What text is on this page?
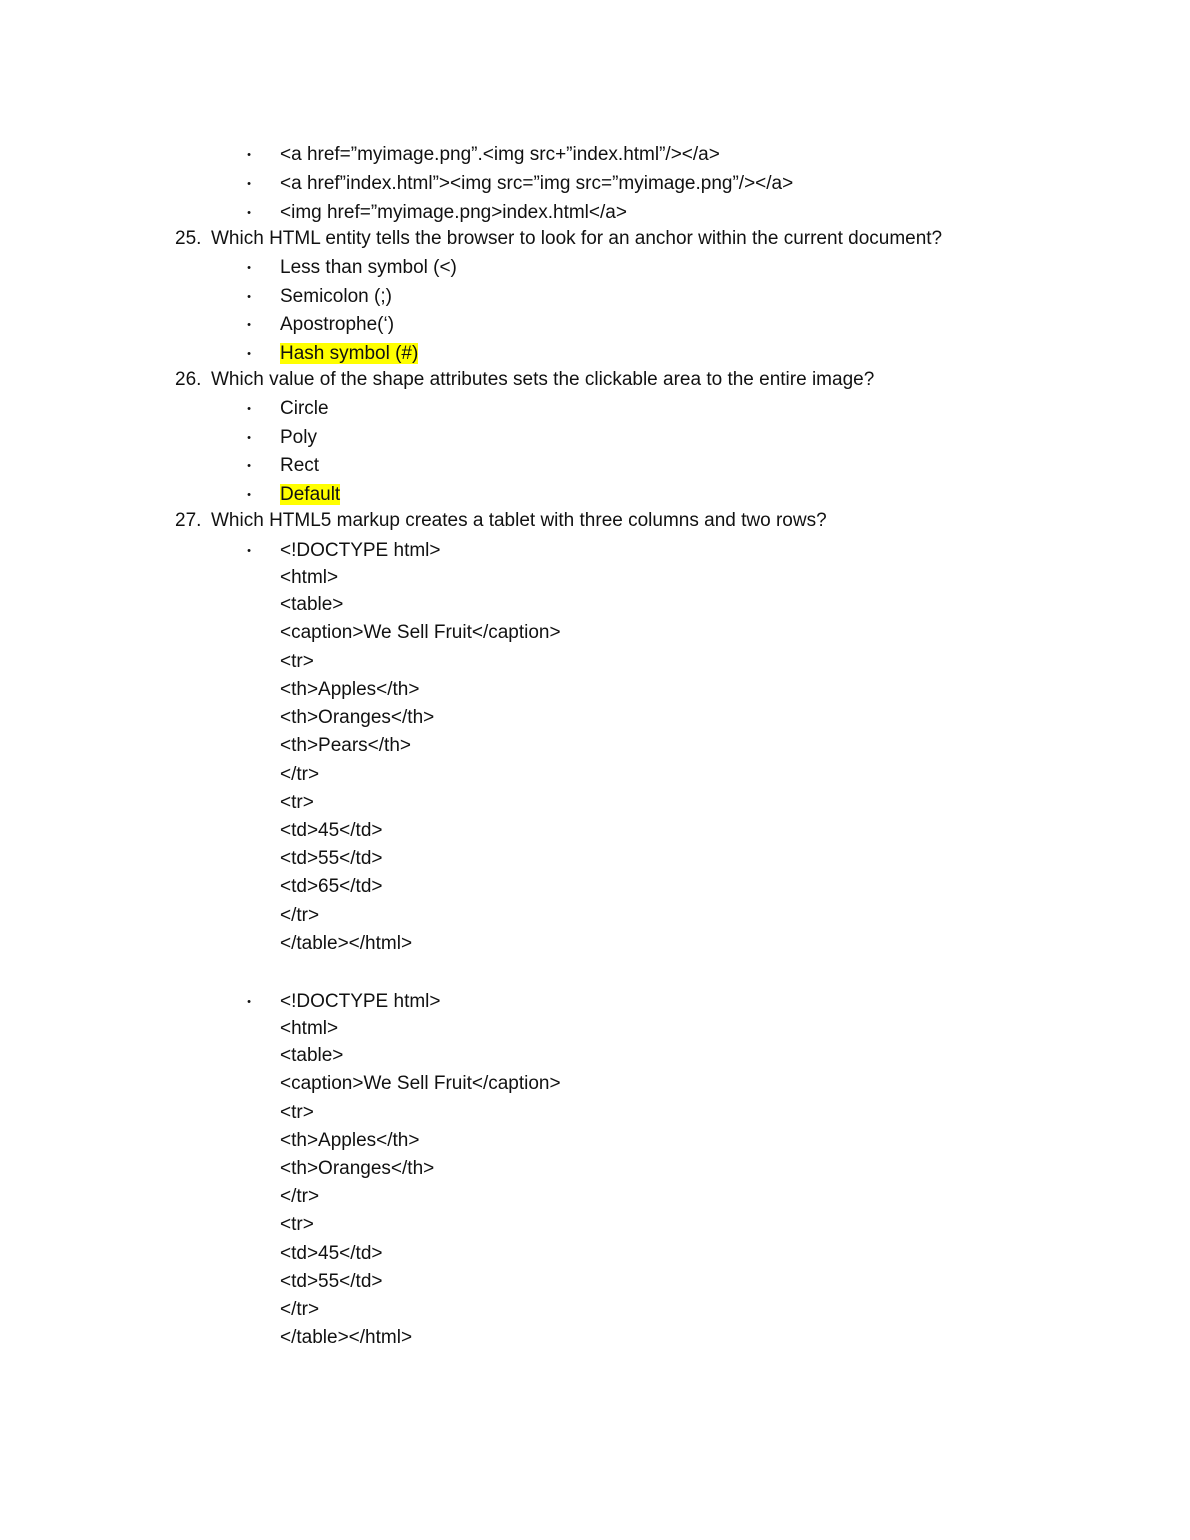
• <a href=”myimage.png”.<img src+”index.html”/></a>
• <a href”index.html”><img src=”img src=”myimage.png”/></a>
• <img href=”myimage.png>index.html</a>
25. Which HTML entity tells the browser to look for an anchor within the current document?
• Less than symbol (<)
• Semicolon (;)
• Apostrophe(‘)
• Hash symbol (#)
26. Which value of the shape attributes sets the clickable area to the entire image?
• Circle
• Poly
• Rect
• Default
27. Which HTML5 markup creates a tablet with three columns and two rows?
• <!DOCTYPE html>
<html>
<table>
<caption>We Sell Fruit</caption>
<tr>
<th>Apples</th>
<th>Oranges</th>
<th>Pears</th>
</tr>
<tr>
<td>45</td>
<td>55</td>
<td>65</td>
</tr>
</table></html>
• <!DOCTYPE html>
<html>
<table>
<caption>We Sell Fruit</caption>
<tr>
<th>Apples</th>
<th>Oranges</th>
</tr>
<tr>
<td>45</td>
<td>55</td>
</tr>
</table></html>
